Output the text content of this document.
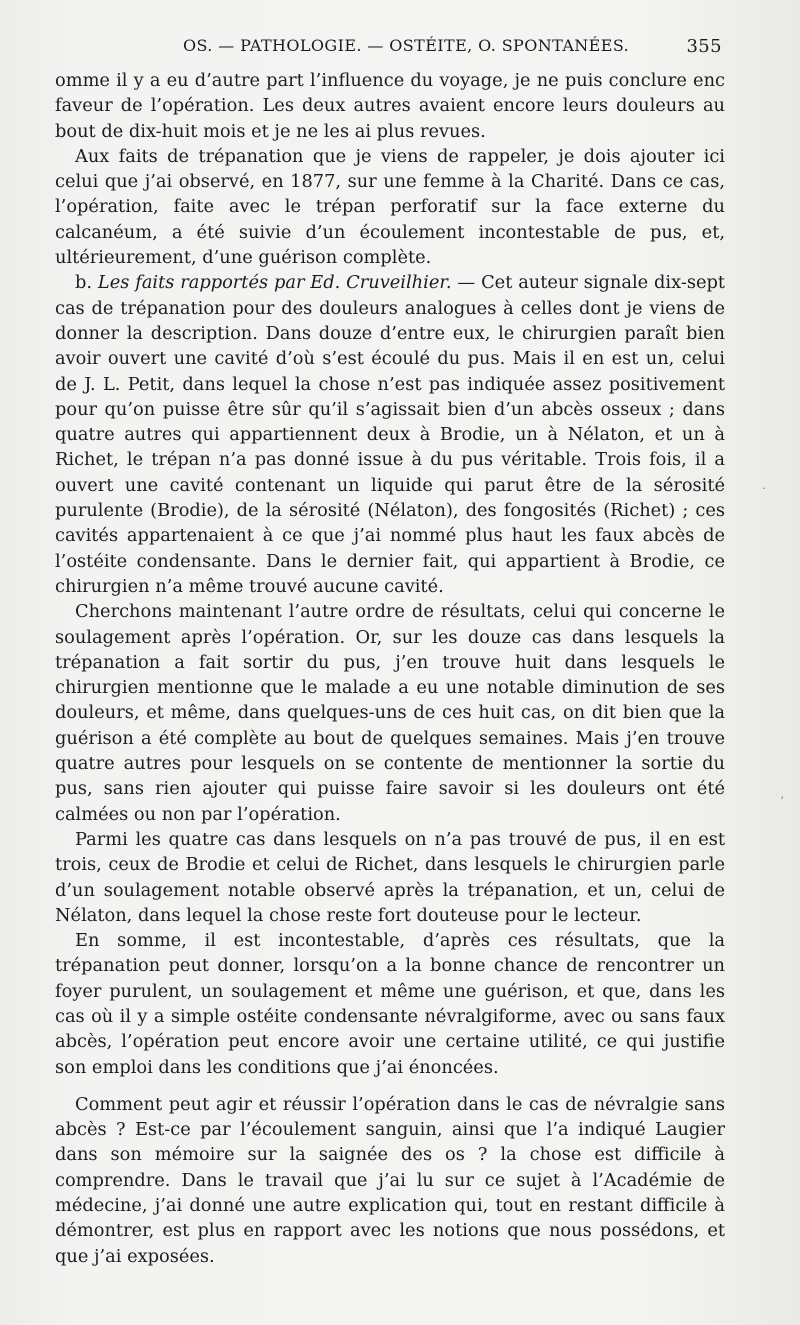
OS. — PATHOLOGIE. — OSTÉITE, O. SPONTANÉES.	355

omme il y a eu d’autre part l’influence du voyage, je ne puis conclure enc faveur de l’opération. Les deux autres avaient encore leurs douleurs au bout de dix-huit mois et je ne les ai plus revues.

Aux faits de trépanation que je viens de rappeler, je dois ajouter ici celui que j’ai observé, en 1877, sur une femme à la Charité. Dans ce cas, l’opération, faite avec le trépan perforatif sur la face externe du calcanéum, a été suivie d’un écoulement incontestable de pus, et, ultérieurement, d’une guérison complète.

b. Les faits rapportés par Ed. Cruveilhier. — Cet auteur signale dix-sept cas de trépanation pour des douleurs analogues à celles dont je viens de donner la description. Dans douze d’entre eux, le chirurgien paraît bien avoir ouvert une cavité d’où s’est écoulé du pus. Mais il en est un, celui de J. L. Petit, dans lequel la chose n’est pas indiquée assez positivement pour qu’on puisse être sûr qu’il s’agissait bien d’un abcès osseux ; dans quatre autres qui appartiennent deux à Brodie, un à Nélaton, et un à Richet, le trépan n’a pas donné issue à du pus véritable. Trois fois, il a ouvert une cavité contenant un liquide qui parut être de la sérosité purulente (Brodie), de la sérosité (Nélaton), des fongosités (Richet) ; ces cavités appartenaient à ce que j’ai nommé plus haut les faux abcès de l’ostéite condensante. Dans le dernier fait, qui appartient à Brodie, ce chirurgien n’a même trouvé aucune cavité.

Cherchons maintenant l’autre ordre de résultats, celui qui concerne le soulagement après l’opération. Or, sur les douze cas dans lesquels la trépanation a fait sortir du pus, j’en trouve huit dans lesquels le chirurgien mentionne que le malade a eu une notable diminution de ses douleurs, et même, dans quelques-uns de ces huit cas, on dit bien que la guérison a été complète au bout de quelques semaines. Mais j’en trouve quatre autres pour lesquels on se contente de mentionner la sortie du pus, sans rien ajouter qui puisse faire savoir si les douleurs ont été calmées ou non par l’opération.

Parmi les quatre cas dans lesquels on n’a pas trouvé de pus, il en est trois, ceux de Brodie et celui de Richet, dans lesquels le chirurgien parle d’un soulagement notable observé après la trépanation, et un, celui de Nélaton, dans lequel la chose reste fort douteuse pour le lecteur.

En somme, il est incontestable, d’après ces résultats, que la trépanation peut donner, lorsqu’on a la bonne chance de rencontrer un foyer purulent, un soulagement et même une guérison, et que, dans les cas où il y a simple ostéite condensante névralgiforme, avec ou sans faux abcès, l’opération peut encore avoir une certaine utilité, ce qui justifie son emploi dans les conditions que j’ai énoncées.

Comment peut agir et réussir l’opération dans le cas de névralgie sans abcès ? Est-ce par l’écoulement sanguin, ainsi que l’a indiqué Laugier dans son mémoire sur la saignée des os ? la chose est difficile à comprendre. Dans le travail que j’ai lu sur ce sujet à l’Académie de médecine, j’ai donné une autre explication qui, tout en restant difficile à démontrer, est plus en rapport avec les notions que nous possédons, et que j’ai exposées.

·
ʼ
